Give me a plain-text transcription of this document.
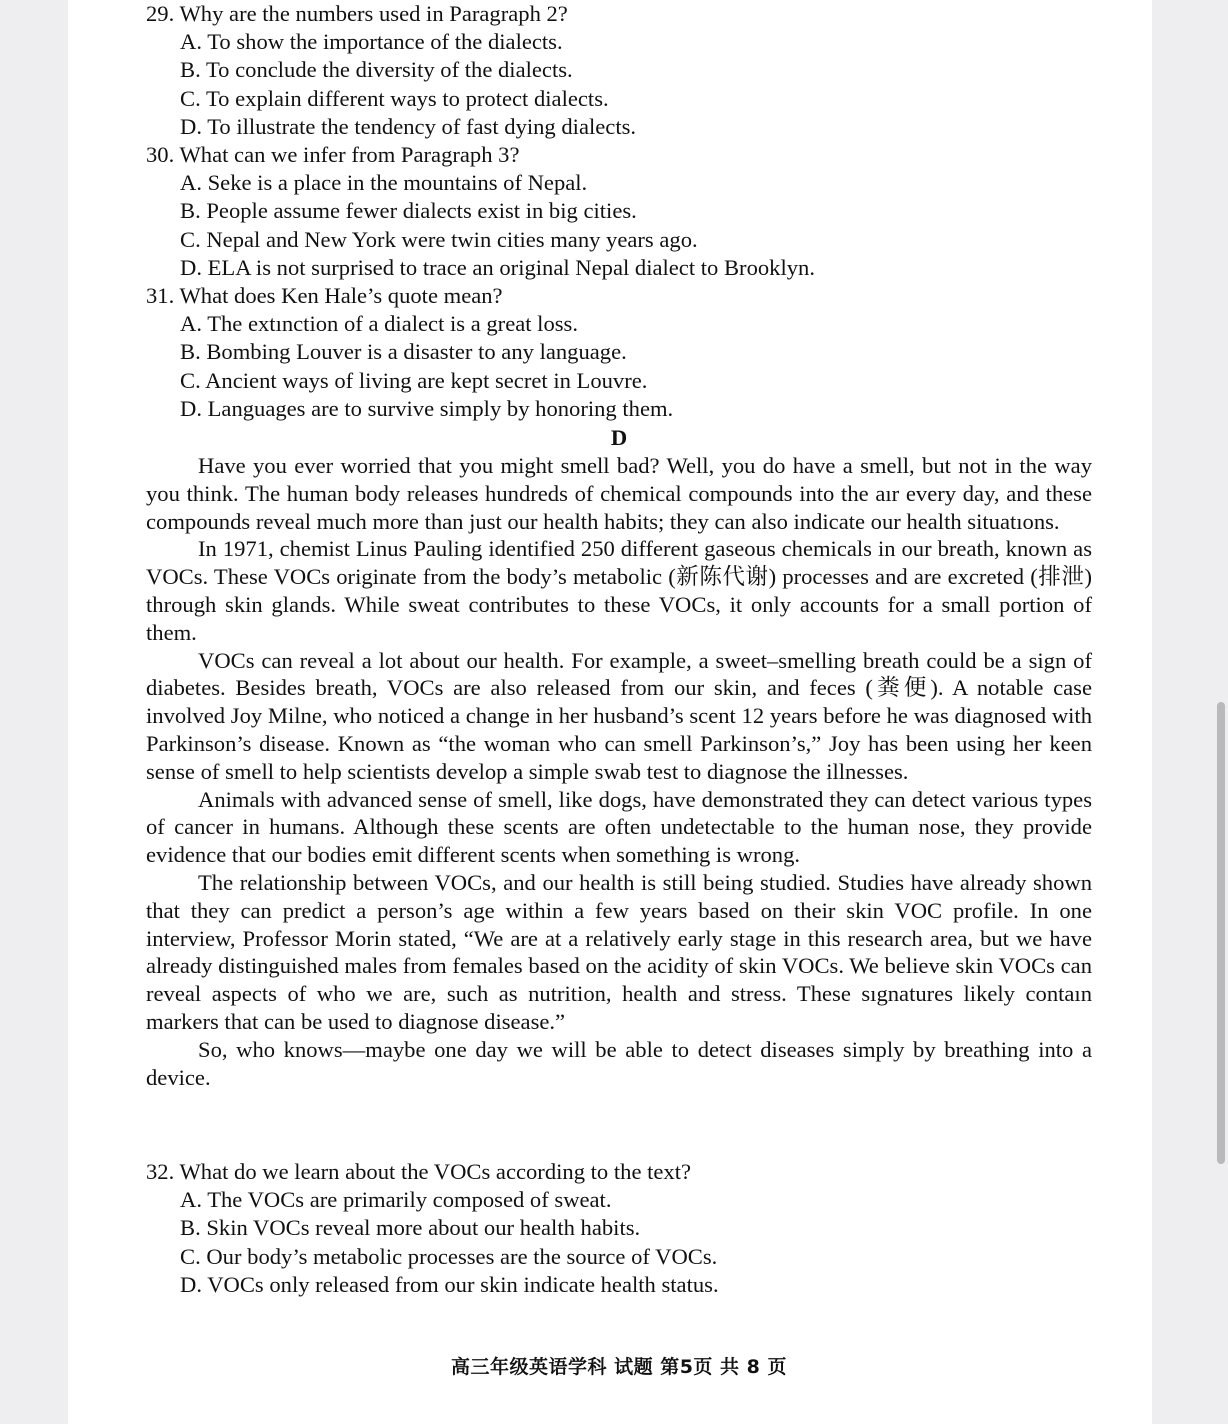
29. Why are the numbers used in Paragraph 2?

A. To show the importance of the dialects.

B. To conclude the diversity of the dialects.

C. To explain different ways to protect dialects.

D. To illustrate the tendency of fast dying dialects.

30. What can we infer from Paragraph 3?

A. Seke is a place in the mountains of Nepal.

B. People assume fewer dialects exist in big cities.

C. Nepal and New York were twin cities many years ago.

D. ELA is not surprised to trace an original Nepal dialect to Brooklyn.

31. What does Ken Hale’s quote mean?

A. The extınction of a dialect is a great loss.

B. Bombing Louver is a disaster to any language.

C. Ancient ways of living are kept secret in Louvre.

D. Languages are to survive simply by honoring them.

D

Have you ever worried that you might smell bad? Well, you do have a smell, but not in the way you think. The human body releases hundreds of chemical compounds into the aır every day, and these compounds reveal much more than just our health habits; they can also indicate our health situatıons.

In 1971, chemist Linus Pauling identified 250 different gaseous chemicals in our breath, known as VOCs. These VOCs originate from the body’s metabolic (新陈代谢) processes and are excreted (排泄) through skin glands. While sweat contributes to these VOCs, it only accounts for a small portion of them.

VOCs can reveal a lot about our health. For example, a sweet–smelling breath could be a sign of diabetes. Besides breath, VOCs are also released from our skin, and feces (粪便). A notable case involved Joy Milne, who noticed a change in her husband’s scent 12 years before he was diagnosed with Parkinson’s disease. Known as “the woman who can smell Parkinson’s,” Joy has been using her keen sense of smell to help scientists develop a simple swab test to diagnose the illnesses.

Animals with advanced sense of smell, like dogs, have demonstrated they can detect various types of cancer in humans. Although these scents are often undetectable to the human nose, they provide evidence that our bodies emit different scents when something is wrong.

The relationship between VOCs, and our health is still being studied. Studies have already shown that they can predict a person’s age within a few years based on their skin VOC profile. In one interview, Professor Morin stated, “We are at a relatively early stage in this research area, but we have already distinguished males from females based on the acidity of skin VOCs. We believe skin VOCs can reveal aspects of who we are, such as nutrition, health and stress. These sıgnatures likely contaın markers that can be used to diagnose disease.”

So, who knows—maybe one day we will be able to detect diseases simply by breathing into a device.

32. What do we learn about the VOCs according to the text?

A. The VOCs are primarily composed of sweat.

B. Skin VOCs reveal more about our health habits.

C. Our body’s metabolic processes are the source of VOCs.

D. VOCs only released from our skin indicate health status.

高三年级英语学科 试题 第5页 共 8 页
